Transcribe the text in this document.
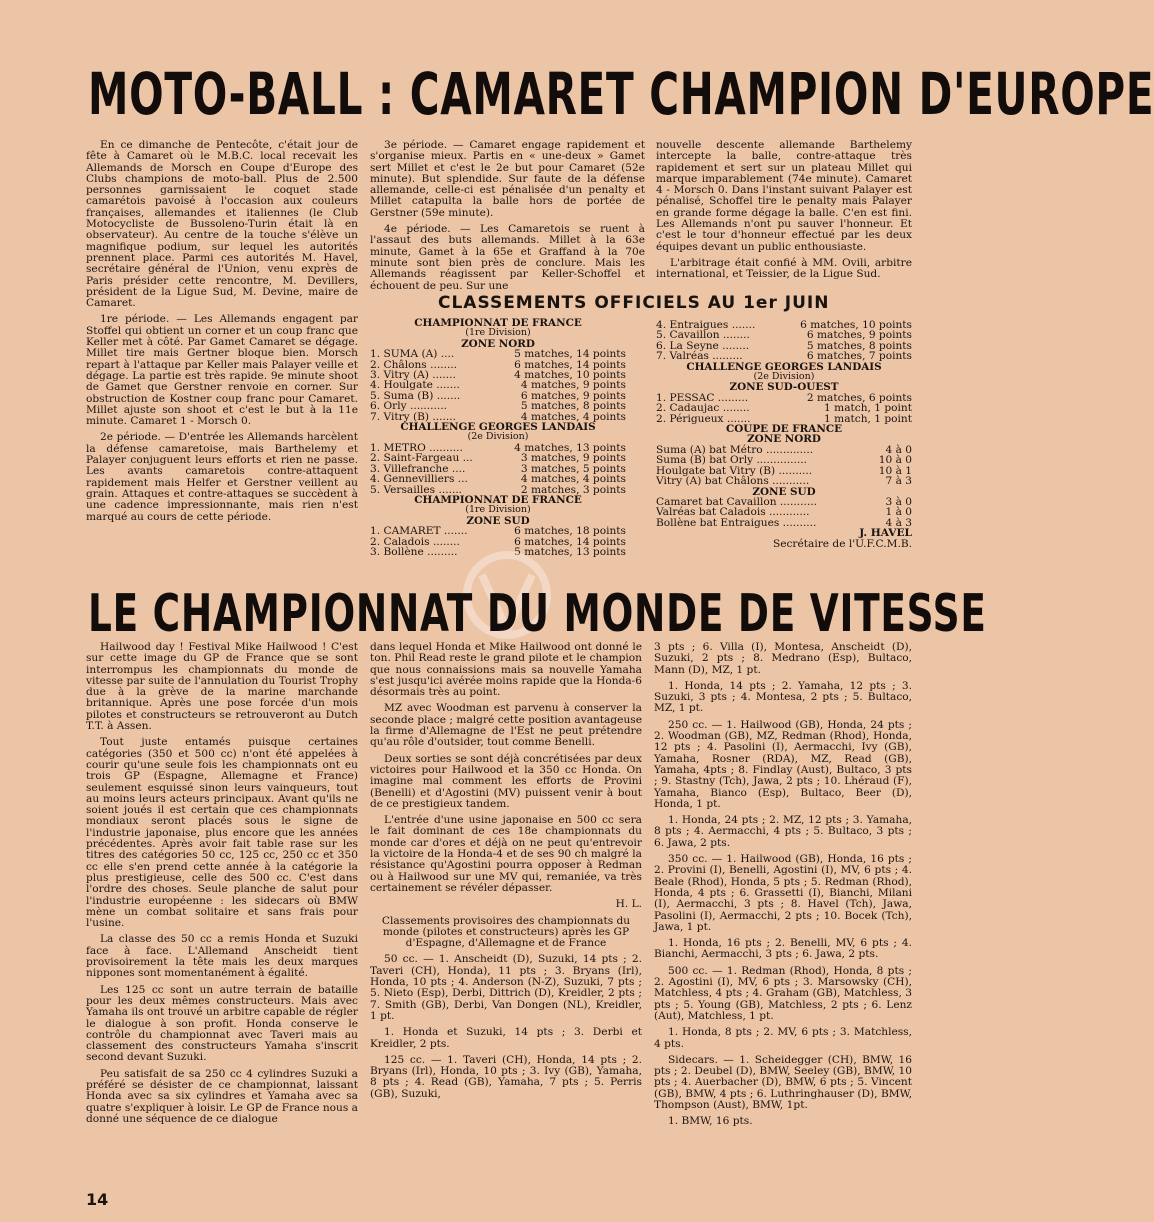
MOTO-BALL : CAMARET CHAMPION D'EUROPE

En ce dimanche de Pentecôte, c'était jour de fête à Camaret où le M.B.C. local recevait les Allemands de Morsch en Coupe d'Europe des Clubs champions de moto-ball. Plus de 2.500 personnes garnissaient le coquet stade camarétois pavoisé à l'occasion aux couleurs françaises, allemandes et italiennes (le Club Motocycliste de Bussoleno-Turin était là en observateur). Au centre de la touche s'élève un magnifique podium, sur lequel les autorités prennent place. Parmi ces autorités M. Havel, secrétaire général de l'Union, venu exprès de Paris présider cette rencontre, M. Devillers, président de la Ligue Sud, M. Devine, maire de Camaret.

1re période. — Les Allemands engagent par Stoffel qui obtient un corner et un coup franc que Keller met à côté. Par Gamet Camaret se dégage. Millet tire mais Gertner bloque bien. Morsch repart à l'attaque par Keller mais Palayer veille et dégage. La partie est très rapide. 9e minute shoot de Gamet que Gerstner renvoie en corner. Sur obstruction de Kostner coup franc pour Camaret. Millet ajuste son shoot et c'est le but à la 11e minute. Camaret 1 - Morsch 0.

2e période. — D'entrée les Allemands harcèlent la défense camaretoise, mais Barthelemy et Palayer conjuguent leurs efforts et rien ne passe. Les avants camaretois contre-attaquent rapidement mais Helfer et Gerstner veillent au grain. Attaques et contre-attaques se succèdent à une cadence impressionnante, mais rien n'est marqué au cours de cette période.

3e période. — Camaret engage rapidement et s'organise mieux. Partis en « une-deux » Gamet sert Millet et c'est le 2e but pour Camaret (52e minute). But splendide. Sur faute de la défense allemande, celle-ci est pénalisée d'un penalty et Millet catapulta la balle hors de portée de Gerstner (59e minute).

4e période. — Les Camaretois se ruent à l'assaut des buts allemands. Millet à la 63e minute, Gamet à la 65e et Graffand à la 70e minute sont bien près de conclure. Mais les Allemands réagissent par Keller-Schoffel et échouent de peu. Sur une

nouvelle descente allemande Barthelemy intercepte la balle, contre-attaque très rapidement et sert sur un plateau Millet qui marque imparablement (74e minute). Camaret 4 - Morsch 0. Dans l'instant suivant Palayer est pénalisé, Schoffel tire le penalty mais Palayer en grande forme dégage la balle. C'en est fini. Les Allemands n'ont pu sauver l'honneur. Et c'est le tour d'honneur effectué par les deux équipes devant un public enthousiaste.

L'arbitrage était confié à MM. Ovili, arbitre international, et Teissier, de la Ligue Sud.

CLASSEMENTS OFFICIELS AU 1er JUIN
CHAMPIONNAT DE FRANCE
(1re Division)
ZONE NORD
1. SUMA (A) ....	5 matches, 14 points
2. Châlons ........	6 matches, 14 points
3. Vitry (A) .......	4 matches, 10 points
4. Houlgate .......	4 matches, 9 points
5. Suma (B) .......	6 matches, 9 points
6. Orly ...........	5 matches, 8 points
7. Vitry (B) .......	4 matches, 4 points
CHALLENGE GEORGES LANDAIS
(2e Division)
1. METRO ..........	4 matches, 13 points
2. Saint-Fargeau ...	3 matches, 9 points
3. Villefranche ....	3 matches, 5 points
4. Gennevilliers ...	4 matches, 4 points
5. Versailles .......	2 matches, 3 points
CHAMPIONNAT DE FRANCE
(1re Division)
ZONE SUD
1. CAMARET .......	6 matches, 18 points
2. Caladois ........	6 matches, 14 points
3. Bollène .........	5 matches, 13 points
4. Entraigues .......	6 matches, 10 points
5. Cavaillon ........	6 matches, 9 points
6. La Seyne ........	5 matches, 8 points
7. Valréas .........	6 matches, 7 points
CHALLENGE GEORGES LANDAIS
(2e Division)
ZONE SUD-OUEST
1. PESSAC .........	2 matches, 6 points
2. Cadaujac ........	1 match, 1 point
2. Périgueux .......	1 match, 1 point
COUPE DE FRANCE
ZONE NORD
Suma (A) bat Métro ..............	4 à 0
Suma (B) bat Orly ...............	10 à 0
Houlgate bat Vitry (B) ..........	10 à 1
Vitry (A) bat Châlons ...........	7 à 3
ZONE SUD
Camaret bat Cavaillon ...........	3 à 0
Valréas bat Caladois ............	1 à 0
Bollène bat Entraigues ..........	4 à 3
J. HAVEL
Secrétaire de l'U.F.C.M.B.
LE CHAMPIONNAT DU MONDE DE VITESSE

Hailwood day ! Festival Mike Hailwood ! C'est sur cette image du GP de France que se sont interrompus les championnats du monde de vitesse par suite de l'annulation du Tourist Trophy due à la grève de la marine marchande britannique. Après une pose forcée d'un mois pilotes et constructeurs se retrouveront au Dutch T.T. à Assen.

Tout juste entamés puisque certaines catégories (350 et 500 cc) n'ont été appelées à courir qu'une seule fois les championnats ont eu trois GP (Espagne, Allemagne et France) seulement esquissé sinon leurs vainqueurs, tout au moins leurs acteurs principaux. Avant qu'ils ne soient joués il est certain que ces championnats mondiaux seront placés sous le signe de l'industrie japonaise, plus encore que les années précédentes. Après avoir fait table rase sur les titres des catégories 50 cc, 125 cc, 250 cc et 350 cc elle s'en prend cette année à la catégorie la plus prestigieuse, celle des 500 cc. C'est dans l'ordre des choses. Seule planche de salut pour l'industrie européenne : les sidecars où BMW mène un combat solitaire et sans frais pour l'usine.

La classe des 50 cc a remis Honda et Suzuki face à face. L'Allemand Anscheidt tient provisoirement la tête mais les deux marques nippones sont momentanément à égalité.

Les 125 cc sont un autre terrain de bataille pour les deux mêmes constructeurs. Mais avec Yamaha ils ont trouvé un arbitre capable de régler le dialogue à son profit. Honda conserve le contrôle du championnat avec Taveri mais au classement des constructeurs Yamaha s'inscrit second devant Suzuki.

Peu satisfait de sa 250 cc 4 cylindres Suzuki a préféré se désister de ce championnat, laissant Honda avec sa six cylindres et Yamaha avec sa quatre s'expliquer à loisir. Le GP de France nous a donné une séquence de ce dialogue

dans lequel Honda et Mike Hailwood ont donné le ton. Phil Read reste le grand pilote et le champion que nous connaissions mais sa nouvelle Yamaha s'est jusqu'ici avérée moins rapide que la Honda-6 désormais très au point.

MZ avec Woodman est parvenu à conserver la seconde place ; malgré cette position avantageuse la firme d'Allemagne de l'Est ne peut prétendre qu'au rôle d'outsider, tout comme Benelli.

Deux sorties se sont déjà concrétisées par deux victoires pour Hailwood et la 350 cc Honda. On imagine mal comment les efforts de Provini (Benelli) et d'Agostini (MV) puissent venir à bout de ce prestigieux tandem.

L'entrée d'une usine japonaise en 500 cc sera le fait dominant de ces 18e championnats du monde car d'ores et déjà on ne peut qu'entrevoir la victoire de la Honda-4 et de ses 90 ch malgré la résistance qu'Agostini pourra opposer à Redman ou à Hailwood sur une MV qui, remaniée, va très certainement se révéler dépasser.

H. L.

Classements provisoires des championnats du monde (pilotes et constructeurs) après les GP d'Espagne, d'Allemagne et de France

50 cc. — 1. Anscheidt (D), Suzuki, 14 pts ; 2. Taveri (CH), Honda), 11 pts ; 3. Bryans (Irl), Honda, 10 pts ; 4. Anderson (N-Z), Suzuki, 7 pts ; 5. Nieto (Esp), Derbi, Dittrich (D), Kreidler, 2 pts ; 7. Smith (GB), Derbi, Van Dongen (NL), Kreidler, 1 pt.

1. Honda et Suzuki, 14 pts ; 3. Derbi et Kreidler, 2 pts.

125 cc. — 1. Taveri (CH), Honda, 14 pts ; 2. Bryans (Irl), Honda, 10 pts ; 3. Ivy (GB), Yamaha, 8 pts ; 4. Read (GB), Yamaha, 7 pts ; 5. Perris (GB), Suzuki,

3 pts ; 6. Villa (I), Montesa, Anscheidt (D), Suzuki, 2 pts ; 8. Medrano (Esp), Bultaco, Mann (D), MZ, 1 pt.

1. Honda, 14 pts ; 2. Yamaha, 12 pts ; 3. Suzuki, 3 pts ; 4. Montesa, 2 pts ; 5. Bultaco, MZ, 1 pt.

250 cc. — 1. Hailwood (GB), Honda, 24 pts ; 2. Woodman (GB), MZ, Redman (Rhod), Honda, 12 pts ; 4. Pasolini (I), Aermacchi, Ivy (GB), Yamaha, Rosner (RDA), MZ, Read (GB), Yamaha, 4pts ; 8. Findlay (Aust), Bultaco, 3 pts ; 9. Stastny (Tch), Jawa, 2 pts ; 10. Lhéraud (F), Yamaha, Bianco (Esp), Bultaco, Beer (D), Honda, 1 pt.

1. Honda, 24 pts ; 2. MZ, 12 pts ; 3. Yamaha, 8 pts ; 4. Aermacchi, 4 pts ; 5. Bultaco, 3 pts ; 6. Jawa, 2 pts.

350 cc. — 1. Hailwood (GB), Honda, 16 pts ; 2. Provini (I), Benelli, Agostini (I), MV, 6 pts ; 4. Beale (Rhod), Honda, 5 pts ; 5. Redman (Rhod), Honda, 4 pts ; 6. Grassetti (I), Bianchi, Milani (I), Aermacchi, 3 pts ; 8. Havel (Tch), Jawa, Pasolini (I), Aermacchi, 2 pts ; 10. Bocek (Tch), Jawa, 1 pt.

1. Honda, 16 pts ; 2. Benelli, MV, 6 pts ; 4. Bianchi, Aermacchi, 3 pts ; 6. Jawa, 2 pts.

500 cc. — 1. Redman (Rhod), Honda, 8 pts ; 2. Agostini (I), MV, 6 pts ; 3. Marsowsky (CH), Matchless, 4 pts ; 4. Graham (GB), Matchless, 3 pts ; 5. Young (GB), Matchless, 2 pts ; 6. Lenz (Aut), Matchless, 1 pt.

1. Honda, 8 pts ; 2. MV, 6 pts ; 3. Matchless, 4 pts.

Sidecars. — 1. Scheidegger (CH), BMW, 16 pts ; 2. Deubel (D), BMW, Seeley (GB), BMW, 10 pts ; 4. Auerbacher (D), BMW, 6 pts ; 5. Vincent (GB), BMW, 4 pts ; 6. Luthringhauser (D), BMW, Thompson (Aust), BMW, 1pt.

1. BMW, 16 pts.

14
